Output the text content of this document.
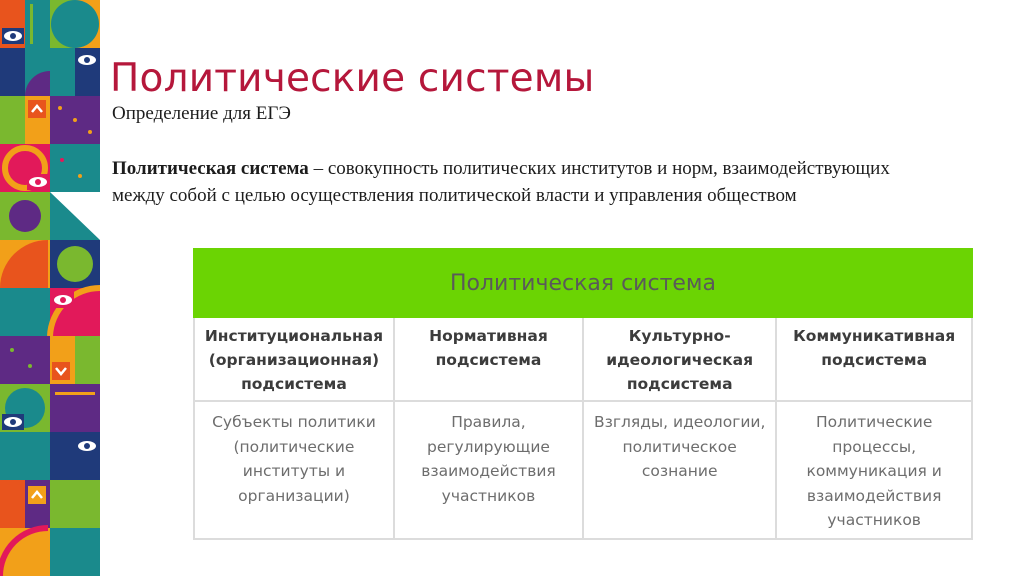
Политические системы
Определение для ЕГЭ
Политическая система – совокупность политических институтов и норм, взаимодействующих между собой с целью осуществления политической власти и управления обществом
Политическая система			
Институциональная (организационная) подсистема	Нормативная подсистема	Культурно-идеологическая подсистема	Коммуникативная подсистема
Субъекты политики (политические институты и организации)	Правила, регулирующие взаимодействия участников	Взгляды, идеологии, политическое сознание	Политические процессы, коммуникация и взаимодействия участников
